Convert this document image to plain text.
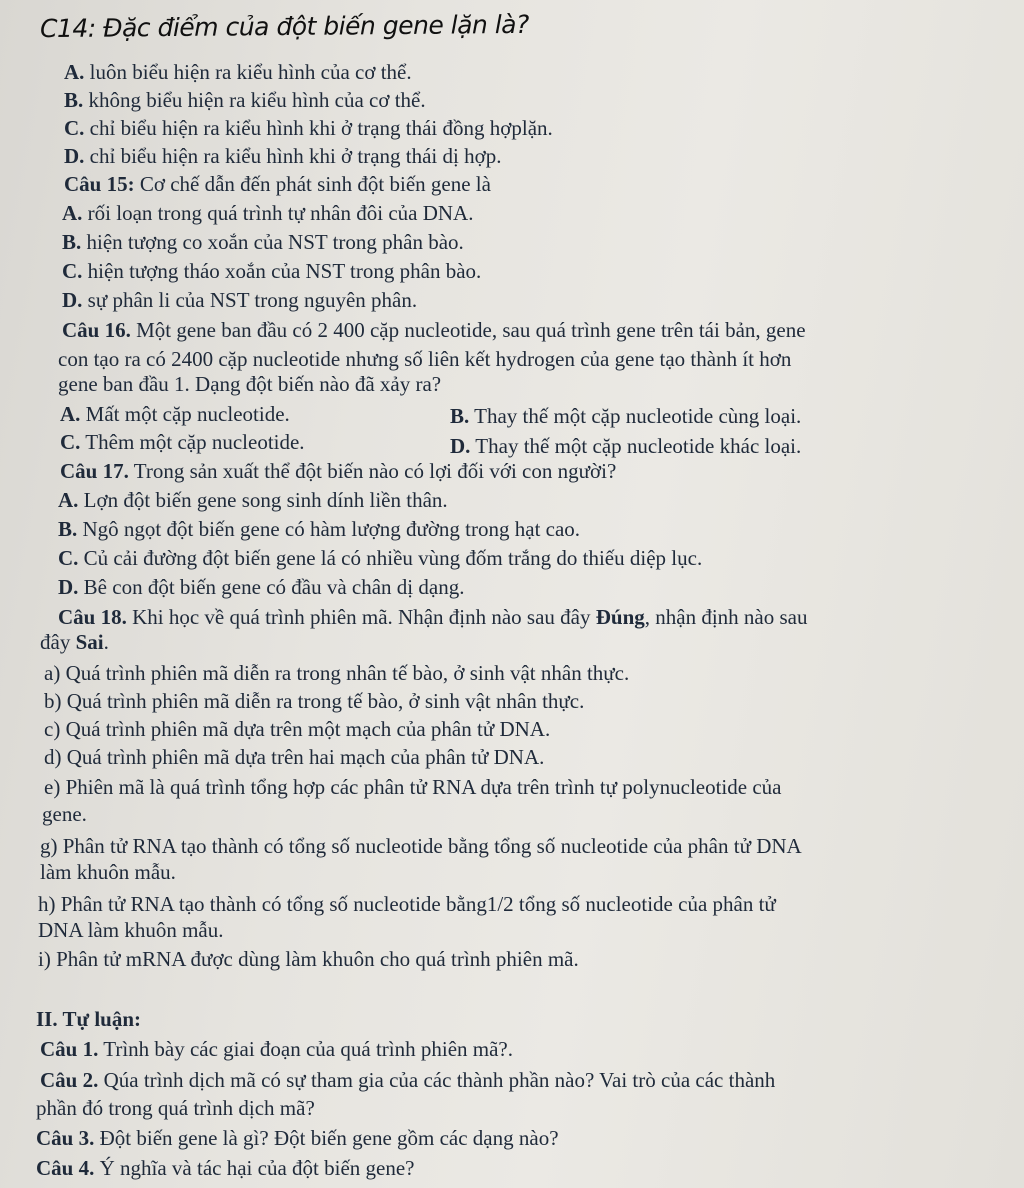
C14: Đặc điểm của đột biến gene lặn là?
A. luôn biểu hiện ra kiểu hình của cơ thể.
B. không biểu hiện ra kiểu hình của cơ thể.
C. chỉ biểu hiện ra kiểu hình khi ở trạng thái đồng hợplặn.
D. chỉ biểu hiện ra kiểu hình khi ở trạng thái dị hợp.
Câu 15: Cơ chế dẫn đến phát sinh đột biến gene là
A. rối loạn trong quá trình tự nhân đôi của DNA.
B. hiện tượng co xoắn của NST trong phân bào.
C. hiện tượng tháo xoắn của NST trong phân bào.
D. sự phân li của NST trong nguyên phân.
Câu 16. Một gene ban đầu có 2 400 cặp nucleotide, sau quá trình gene trên tái bản, gene
con tạo ra có 2400 cặp nucleotide nhưng số liên kết hydrogen của gene tạo thành ít hơn
gene ban đầu 1. Dạng đột biến nào đã xảy ra?
A. Mất một cặp nucleotide.	B. Thay thế một cặp nucleotide cùng loại.
C. Thêm một cặp nucleotide.	D. Thay thế một cặp nucleotide khác loại.
Câu 17. Trong sản xuất thể đột biến nào có lợi đối với con người?
A. Lợn đột biến gene song sinh dính liền thân.
B. Ngô ngọt đột biến gene có hàm lượng đường trong hạt cao.
C. Củ cải đường đột biến gene lá có nhiều vùng đốm trắng do thiếu diệp lục.
D. Bê con đột biến gene có đầu và chân dị dạng.
Câu 18. Khi học về quá trình phiên mã. Nhận định nào sau đây Đúng, nhận định nào sau
đây Sai.
a) Quá trình phiên mã diễn ra trong nhân tế bào, ở sinh vật nhân thực.
b) Quá trình phiên mã diễn ra trong tế bào, ở sinh vật nhân thực.
c) Quá trình phiên mã dựa trên một mạch của phân tử DNA.
d) Quá trình phiên mã dựa trên hai mạch của phân tử DNA.
e) Phiên mã là quá trình tổng hợp các phân tử RNA dựa trên trình tự polynucleotide của
gene.
g) Phân tử RNA tạo thành có tổng số nucleotide bằng tổng số nucleotide của phân tử DNA
làm khuôn mẫu.
h) Phân tử RNA tạo thành có tổng số nucleotide bằng1/2 tổng số nucleotide của phân tử
DNA làm khuôn mẫu.
i) Phân tử mRNA được dùng làm khuôn cho quá trình phiên mã.
II. Tự luận:
Câu 1. Trình bày các giai đoạn của quá trình phiên mã?.
Câu 2. Qúa trình dịch mã có sự tham gia của các thành phần nào? Vai trò của các thành
phần đó trong quá trình dịch mã?
Câu 3. Đột biến gene là gì? Đột biến gene gồm các dạng nào?
Câu 4. Ý nghĩa và tác hại của đột biến gene?
